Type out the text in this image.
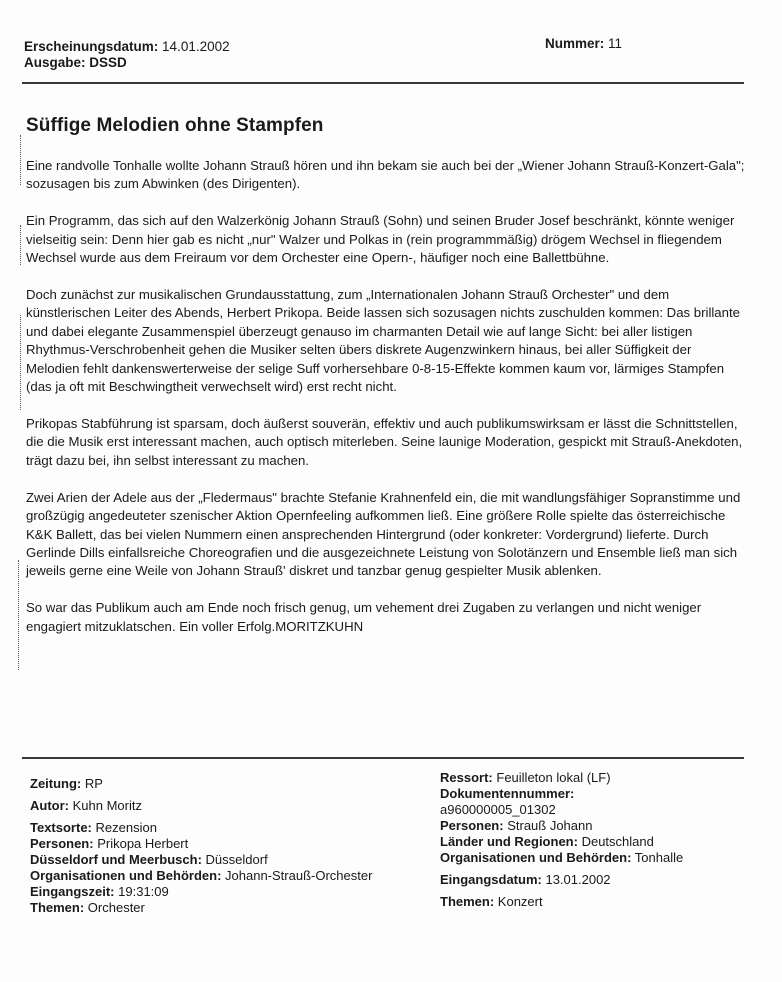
Erscheinungsdatum: 14.01.2002
Ausgabe: DSSD
Nummer: 11
Süffige Melodien ohne Stampfen

Eine randvolle Tonhalle wollte Johann Strauß hören und ihn bekam sie auch bei der „Wiener Johann Strauß-Konzert-Gala"; sozusagen bis zum Abwinken (des Dirigenten).

Ein Programm, das sich auf den Walzerkönig Johann Strauß (Sohn) und seinen Bruder Josef beschränkt, könnte weniger vielseitig sein: Denn hier gab es nicht „nur" Walzer und Polkas in (rein programmmäßig) drögem Wechsel in fliegendem Wechsel wurde aus dem Freiraum vor dem Orchester eine Opern-, häufiger noch eine Ballettbühne.

Doch zunächst zur musikalischen Grundausstattung, zum „Internationalen Johann Strauß Orchester" und dem künstlerischen Leiter des Abends, Herbert Prikopa. Beide lassen sich sozusagen nichts zuschulden kommen: Das brillante und dabei elegante Zusammenspiel überzeugt genauso im charmanten Detail wie auf lange Sicht: bei aller listigen Rhythmus-Verschrobenheit gehen die Musiker selten übers diskrete Augenzwinkern hinaus, bei aller Süffigkeit der Melodien fehlt dankenswerterweise der selige Suff vorhersehbare 0-8-15-Effekte kommen kaum vor, lärmiges Stampfen (das ja oft mit Beschwingtheit verwechselt wird) erst recht nicht.

Prikopas Stabführung ist sparsam, doch äußerst souverän, effektiv und auch publikumswirksam er lässt die Schnittstellen, die die Musik erst interessant machen, auch optisch miterleben. Seine launige Moderation, gespickt mit Strauß-Anekdoten, trägt dazu bei, ihn selbst interessant zu machen.

Zwei Arien der Adele aus der „Fledermaus" brachte Stefanie Krahnenfeld ein, die mit wandlungsfähiger Sopranstimme und großzügig angedeuteter szenischer Aktion Opernfeeling aufkommen ließ. Eine größere Rolle spielte das österreichische K&K Ballett, das bei vielen Nummern einen ansprechenden Hintergrund (oder konkreter: Vordergrund) lieferte. Durch Gerlinde Dills einfallsreiche Choreografien und die ausgezeichnete Leistung von Solotänzern und Ensemble ließ man sich jeweils gerne eine Weile von Johann Strauß' diskret und tanzbar genug gespielter Musik ablenken.

So war das Publikum auch am Ende noch frisch genug, um vehement drei Zugaben zu verlangen und nicht weniger engagiert mitzuklatschen. Ein voller Erfolg.MORITZKUHN

Zeitung: RP
Autor: Kuhn Moritz
Textsorte: Rezension
Personen: Prikopa Herbert
Düsseldorf und Meerbusch: Düsseldorf
Organisationen und Behörden: Johann-Strauß-Orchester
Eingangszeit: 19:31:09
Themen: Orchester
Ressort: Feuilleton lokal (LF)
Dokumentennummer:
a960000005_01302
Personen: Strauß Johann
Länder und Regionen: Deutschland
Organisationen und Behörden: Tonhalle
Eingangsdatum: 13.01.2002
Themen: Konzert
